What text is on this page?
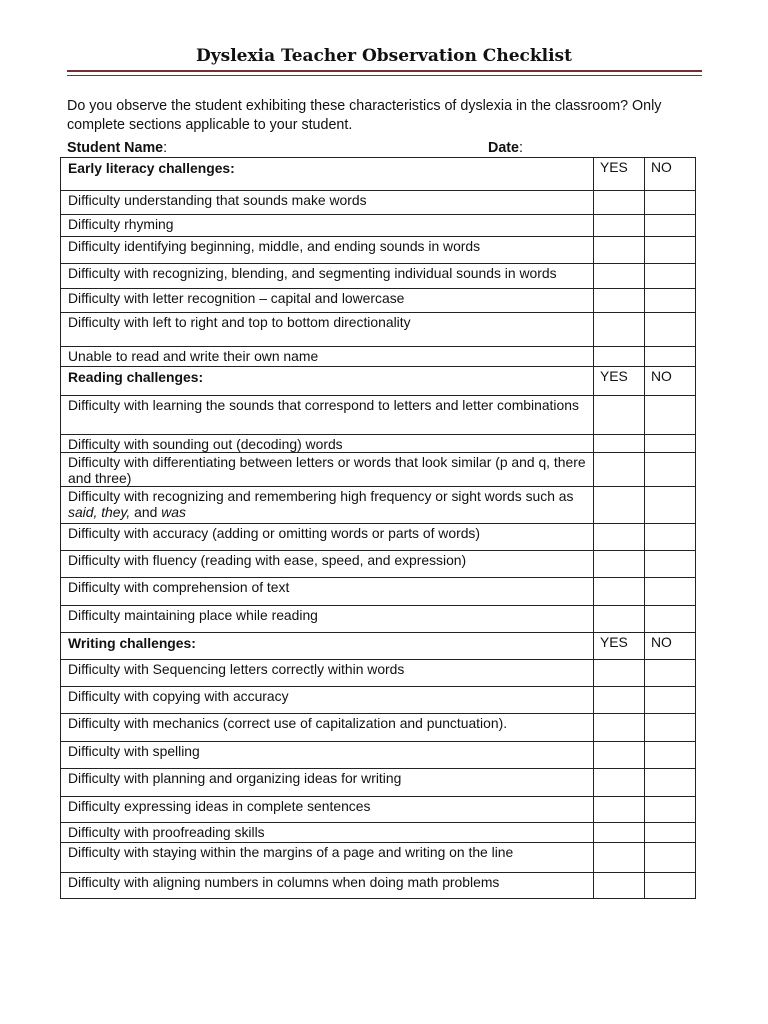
Dyslexia Teacher Observation Checklist
Do you observe the student exhibiting these characteristics of dyslexia in the classroom? Only complete sections applicable to your student.
Student Name:	Date:
Early literacy challenges:	YES	NO
Difficulty understanding that sounds make words		
Difficulty rhyming		
Difficulty identifying beginning, middle, and ending sounds in words		
Difficulty with recognizing, blending, and segmenting individual sounds in words		
Difficulty with letter recognition – capital and lowercase		
Difficulty with left to right and top to bottom directionality		
Unable to read and write their own name		
Reading challenges:	YES	NO
Difficulty with learning the sounds that correspond to letters and letter combinations		
Difficulty with sounding out (decoding) words		
Difficulty with differentiating between letters or words that look similar (p and q, there and three)		
Difficulty with recognizing and remembering high frequency or sight words such as said, they, and was		
Difficulty with accuracy (adding or omitting words or parts of words)		
Difficulty with fluency (reading with ease, speed, and expression)		
Difficulty with comprehension of text		
Difficulty maintaining place while reading		
Writing challenges:	YES	NO
Difficulty with Sequencing letters correctly within words		
Difficulty with copying with accuracy		
Difficulty with mechanics (correct use of capitalization and punctuation).		
Difficulty with spelling		
Difficulty with planning and organizing ideas for writing		
Difficulty expressing ideas in complete sentences		
Difficulty with proofreading skills		
Difficulty with staying within the margins of a page and writing on the line		
Difficulty with aligning numbers in columns when doing math problems		
